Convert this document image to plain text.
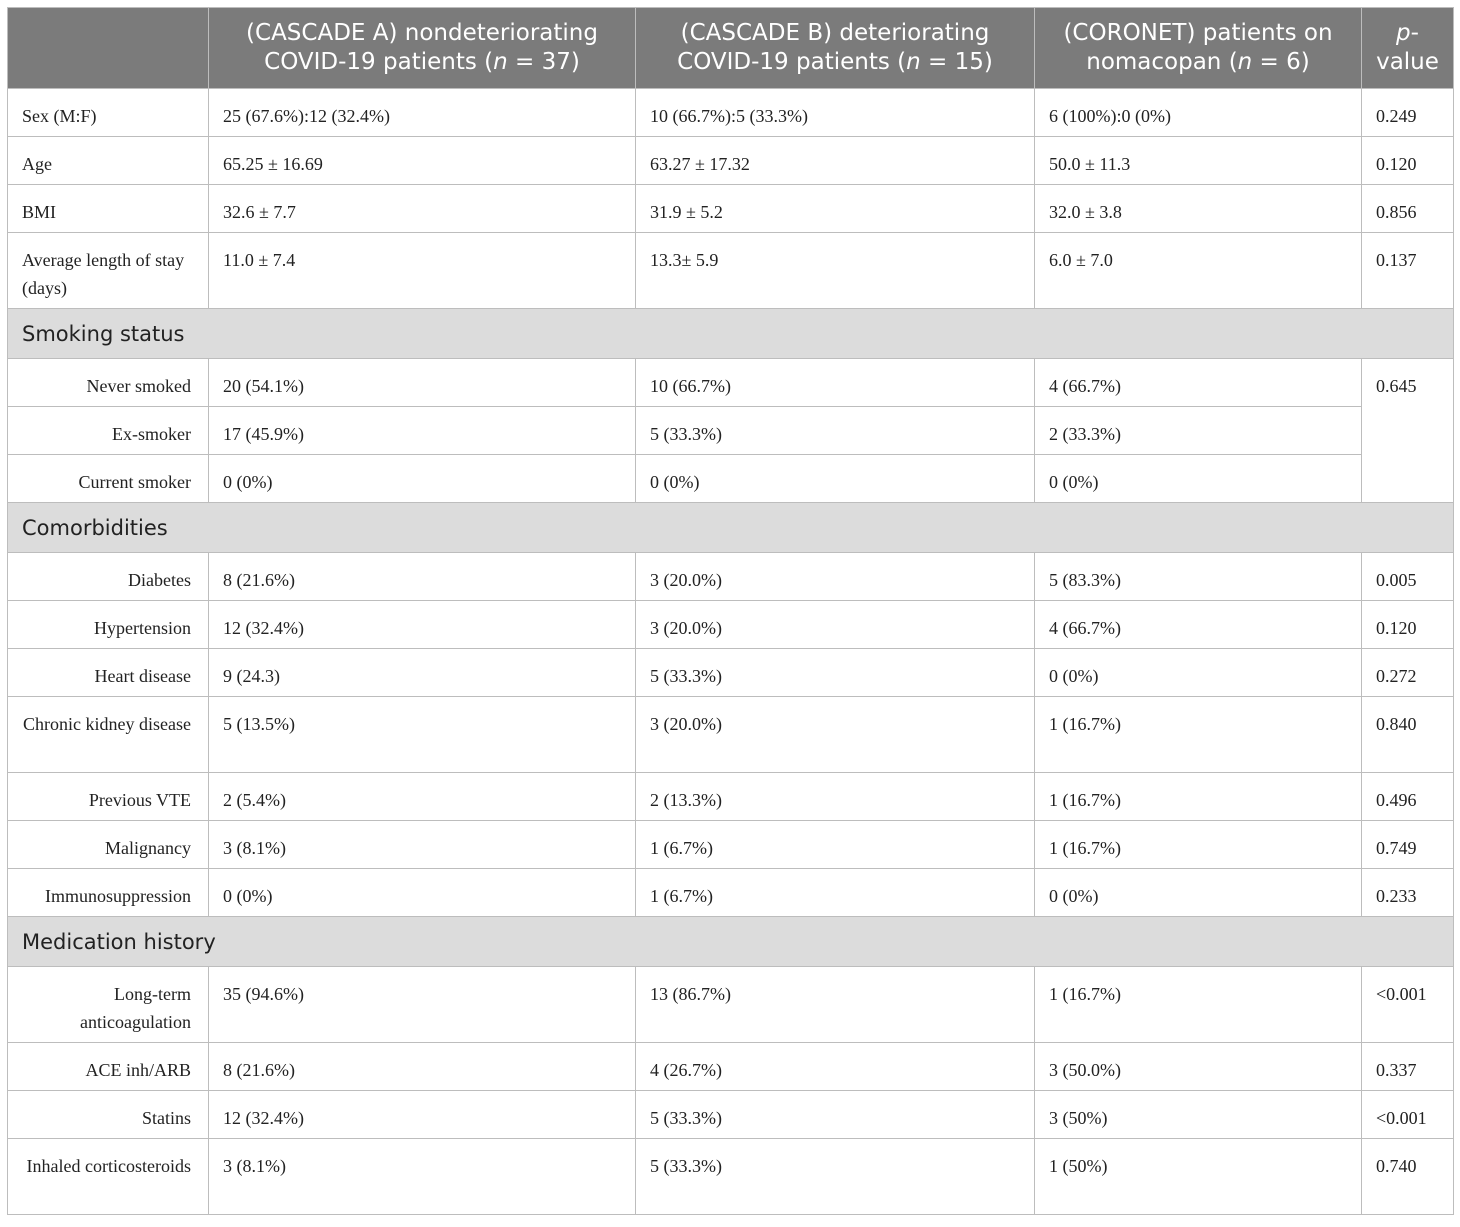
	(CASCADE A) nondeteriorating COVID-19 patients (n = 37)	(CASCADE B) deteriorating COVID-19 patients (n = 15)	(CORONET) patients on nomacopan (n = 6)	p-value
Sex (M:F)	25 (67.6%):12 (32.4%)	10 (66.7%):5 (33.3%)	6 (100%):0 (0%)	0.249
Age	65.25 ± 16.69	63.27 ± 17.32	50.0 ± 11.3	0.120
BMI	32.6 ± 7.7	31.9 ± 5.2	32.0 ± 3.8	0.856
Average length of stay (days)	11.0 ± 7.4	13.3± 5.9	6.0 ± 7.0	0.137
Smoking status				
Never smoked	20 (54.1%)	10 (66.7%)	4 (66.7%)	0.645
Ex-smoker	17 (45.9%)	5 (33.3%)	2 (33.3%)	
Current smoker	0 (0%)	0 (0%)	0 (0%)	
Comorbidities				
Diabetes	8 (21.6%)	3 (20.0%)	5 (83.3%)	0.005
Hypertension	12 (32.4%)	3 (20.0%)	4 (66.7%)	0.120
Heart disease	9 (24.3)	5 (33.3%)	0 (0%)	0.272
Chronic kidney disease	5 (13.5%)	3 (20.0%)	1 (16.7%)	0.840
Previous VTE	2 (5.4%)	2 (13.3%)	1 (16.7%)	0.496
Malignancy	3 (8.1%)	1 (6.7%)	1 (16.7%)	0.749
Immunosuppression	0 (0%)	1 (6.7%)	0 (0%)	0.233
Medication history				
Long-term anticoagulation	35 (94.6%)	13 (86.7%)	1 (16.7%)	<0.001
ACE inh/ARB	8 (21.6%)	4 (26.7%)	3 (50.0%)	0.337
Statins	12 (32.4%)	5 (33.3%)	3 (50%)	<0.001
Inhaled corticosteroids	3 (8.1%)	5 (33.3%)	1 (50%)	0.740
